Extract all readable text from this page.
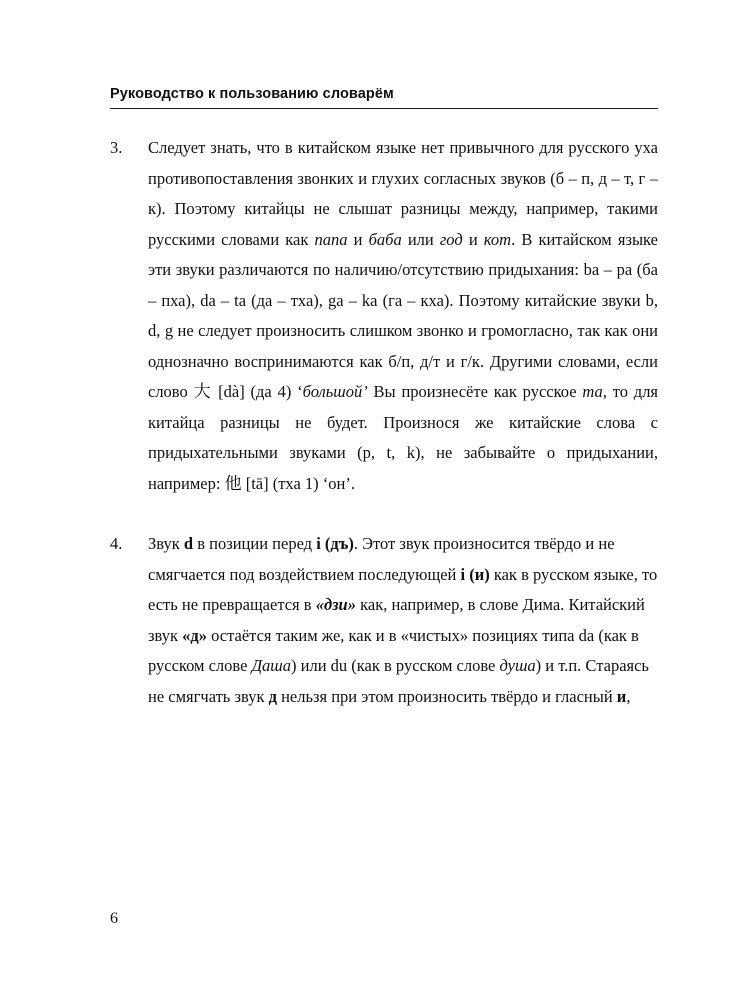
Руководство к пользованию словарём
3.	Следует знать, что в китайском языке нет привычного для русского уха противопоставления звонких и глухих согласных звуков (б – п, д – т, г – к). Поэтому китайцы не слышат разницы между, например, такими русскими словами как папа и баба или год и кот. В китайском языке эти звуки различаются по наличию/отсутствию придыхания: ba – pa (ба – пха), da – ta (да – тха), ga – ka (га – кха). Поэтому китайские звуки b, d, g не следует произносить слишком звонко и громогласно, так как они однозначно воспринимаются как б/п, д/т и г/к. Другими словами, если слово 大 [dà] (да 4) ‘большой’ Вы произнесёте как русское та, то для китайца разницы не будет. Произнося же китайские слова с придыхательными звуками (p, t, k), не забывайте о придыхании, например: 他 [tā] (тха 1) ‘он’.

4.	Звук d в позиции перед i (дъ). Этот звук произносится твёрдо и не смягчается под воздействием последующей i (и) как в русском языке, то есть не превращается в «дзи» как, например, в слове Дима. Китайский звук «д» остаётся таким же, как и в «чистых» позициях типа da (как в русском слове Даша) или du (как в русском слове душа) и т.п. Стараясь не смягчать звук д нельзя при этом произносить твёрдо и гласный и,

6
